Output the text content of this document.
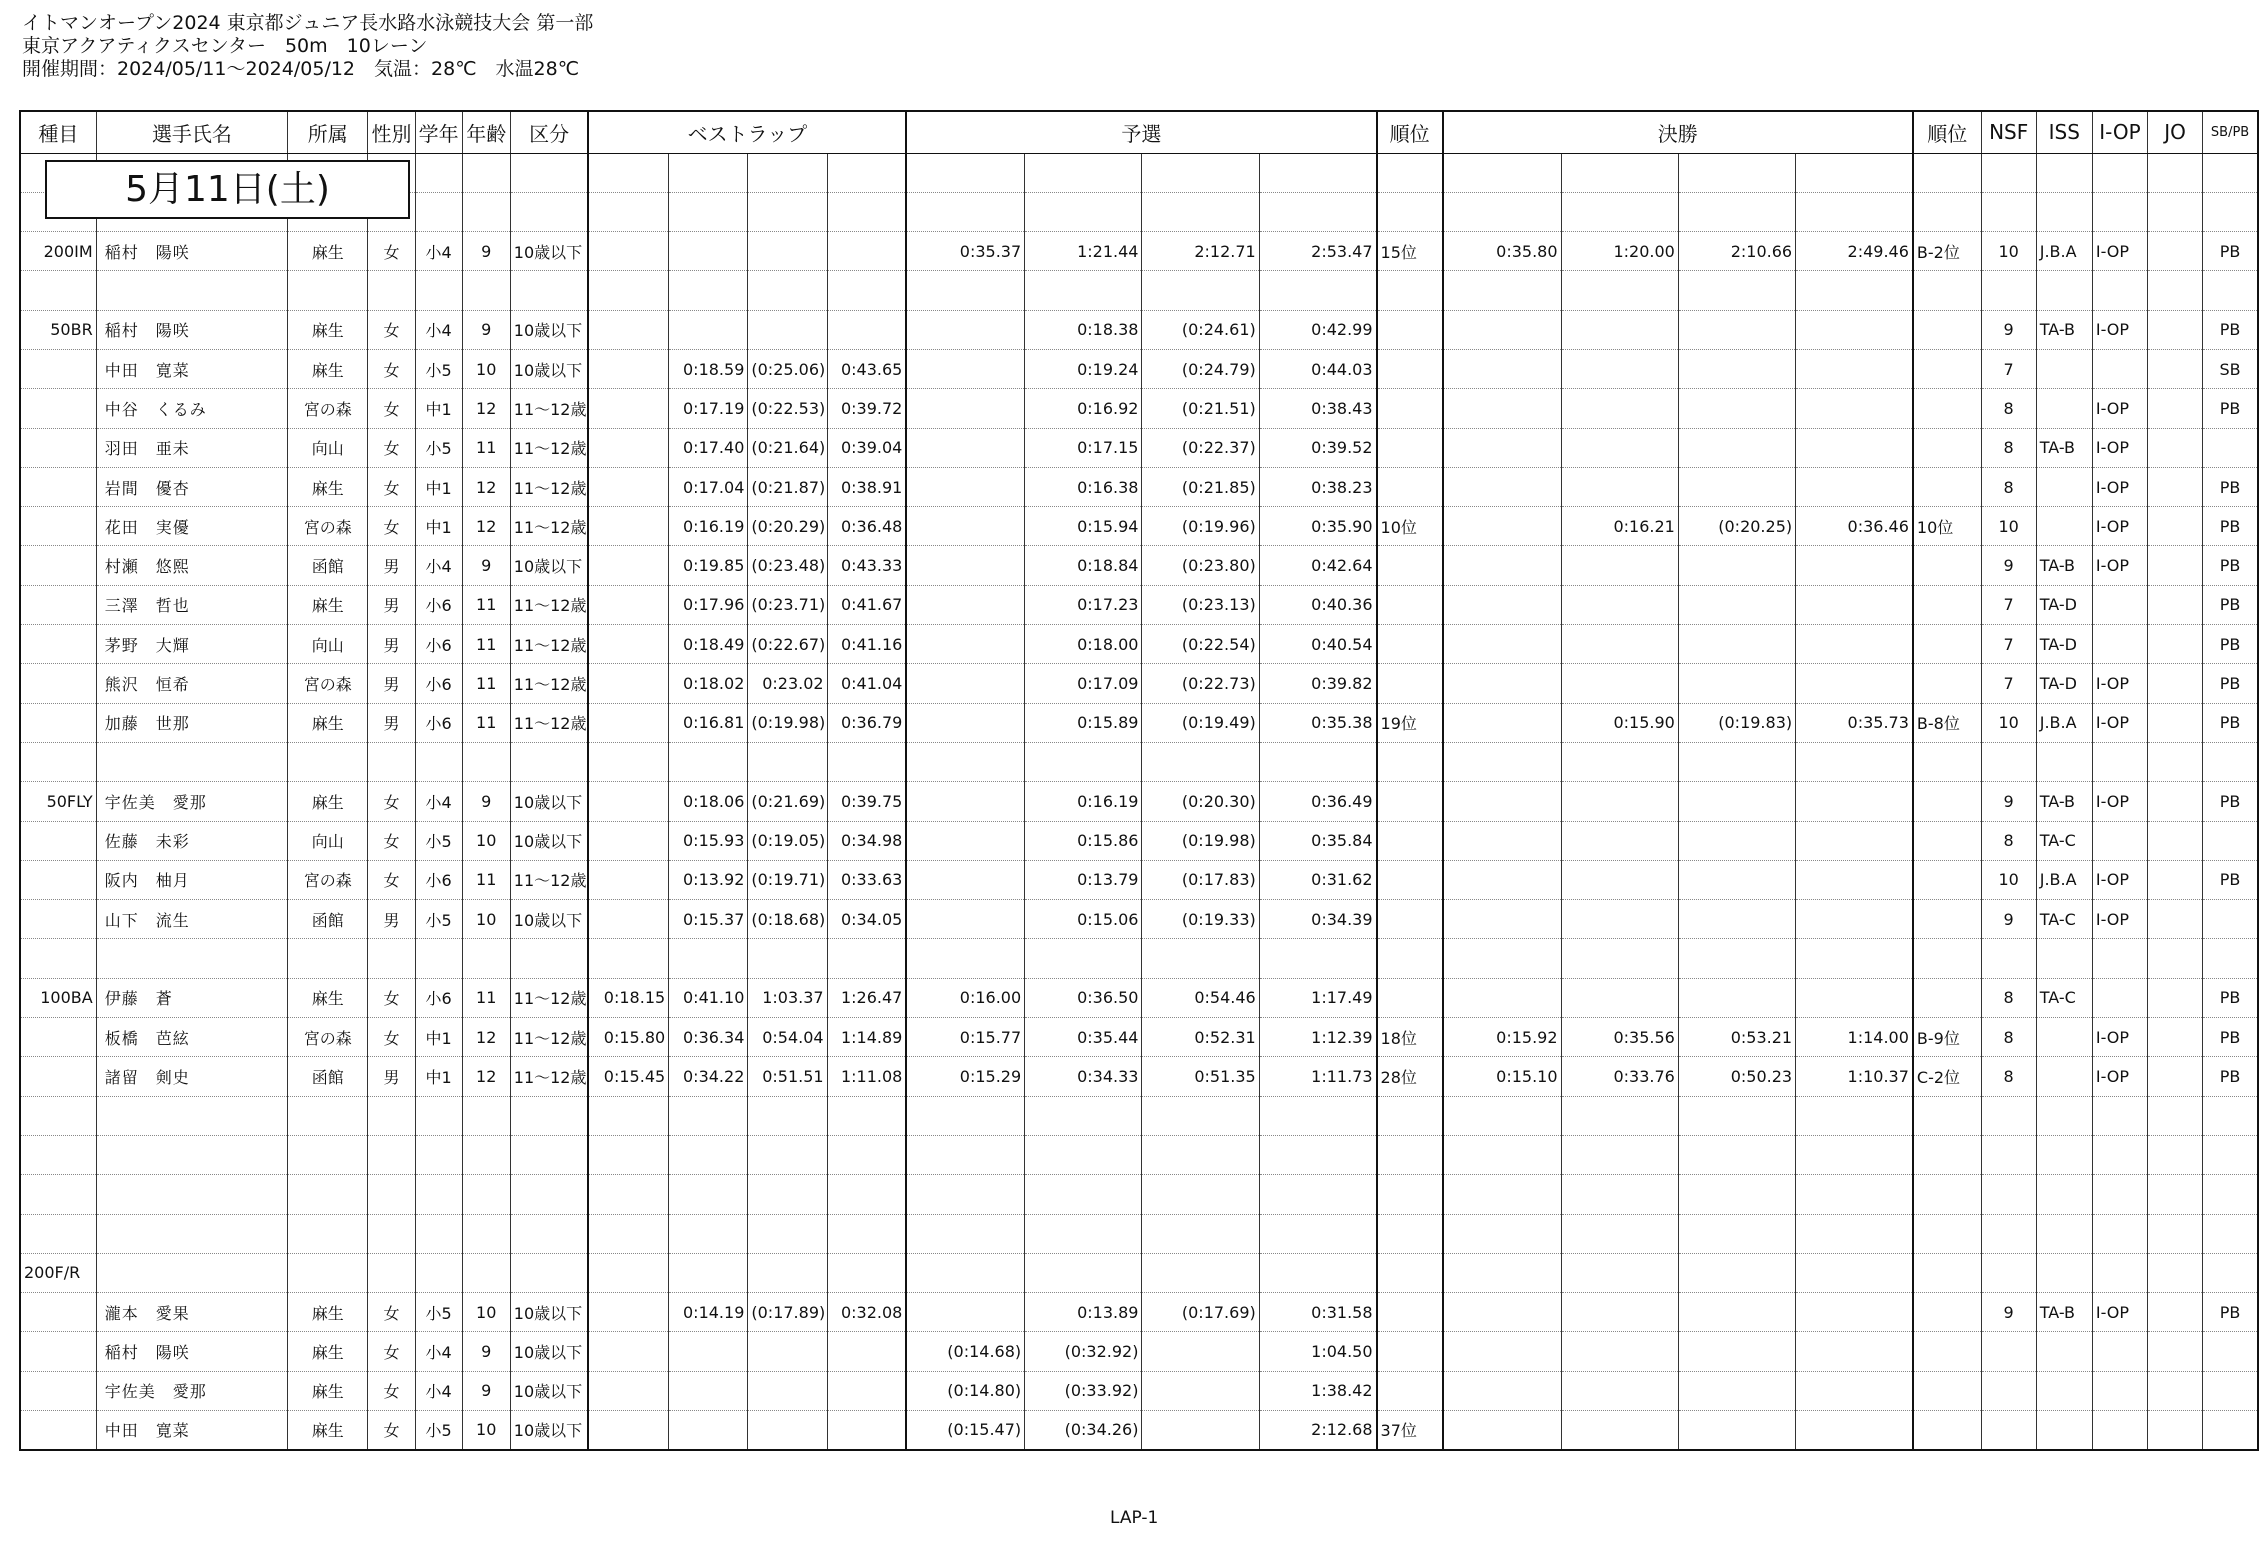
イトマンオープン2024 東京都ジュニア長水路水泳競技大会 第一部
東京アクアティクスセンター　50m　10レーン
開催期間：2024/05/11～2024/05/12　気温：28℃　水温28℃
種目	選手氏名	所属	性別	学年	年齢	区分	ベストラップ				予選				順位	決勝				順位	NSF	ISS	I-OP	JO	SB/PB

200IM	稲村　陽咲	麻生	女	小4	9	10歳以下					0:35.37	1:21.44	2:12.71	2:53.47	15位	0:35.80	1:20.00	2:10.66	2:49.46	B-2位	10	J.B.A	I-OP		PB

50BR	稲村　陽咲	麻生	女	小4	9	10歳以下						0:18.38	(0:24.61)	0:42.99							9	TA-B	I-OP		PB
	中田　寛菜	麻生	女	小5	10	10歳以下		0:18.59	(0:25.06)	0:43.65		0:19.24	(0:24.79)	0:44.03							7				SB
	中谷　くるみ	宮の森	女	中1	12	11～12歳		0:17.19	(0:22.53)	0:39.72		0:16.92	(0:21.51)	0:38.43							8		I-OP		PB
	羽田　亜未	向山	女	小5	11	11～12歳		0:17.40	(0:21.64)	0:39.04		0:17.15	(0:22.37)	0:39.52							8	TA-B	I-OP		
	岩間　優杏	麻生	女	中1	12	11～12歳		0:17.04	(0:21.87)	0:38.91		0:16.38	(0:21.85)	0:38.23							8		I-OP		PB
	花田　実優	宮の森	女	中1	12	11～12歳		0:16.19	(0:20.29)	0:36.48		0:15.94	(0:19.96)	0:35.90	10位		0:16.21	(0:20.25)	0:36.46	10位	10		I-OP		PB
	村瀬　悠熙	函館	男	小4	9	10歳以下		0:19.85	(0:23.48)	0:43.33		0:18.84	(0:23.80)	0:42.64							9	TA-B	I-OP		PB
	三澤　哲也	麻生	男	小6	11	11～12歳		0:17.96	(0:23.71)	0:41.67		0:17.23	(0:23.13)	0:40.36							7	TA-D			PB
	茅野　大輝	向山	男	小6	11	11～12歳		0:18.49	(0:22.67)	0:41.16		0:18.00	(0:22.54)	0:40.54							7	TA-D			PB
	熊沢　恒希	宮の森	男	小6	11	11～12歳		0:18.02	0:23.02	0:41.04		0:17.09	(0:22.73)	0:39.82							7	TA-D	I-OP		PB
	加藤　世那	麻生	男	小6	11	11～12歳		0:16.81	(0:19.98)	0:36.79		0:15.89	(0:19.49)	0:35.38	19位		0:15.90	(0:19.83)	0:35.73	B-8位	10	J.B.A	I-OP		PB

50FLY	宇佐美　愛那	麻生	女	小4	9	10歳以下		0:18.06	(0:21.69)	0:39.75		0:16.19	(0:20.30)	0:36.49							9	TA-B	I-OP		PB
	佐藤　未彩	向山	女	小5	10	10歳以下		0:15.93	(0:19.05)	0:34.98		0:15.86	(0:19.98)	0:35.84							8	TA-C			
	阪内　柚月	宮の森	女	小6	11	11～12歳		0:13.92	(0:19.71)	0:33.63		0:13.79	(0:17.83)	0:31.62							10	J.B.A	I-OP		PB
	山下　流生	函館	男	小5	10	10歳以下		0:15.37	(0:18.68)	0:34.05		0:15.06	(0:19.33)	0:34.39							9	TA-C	I-OP		

100BA	伊藤　蒼	麻生	女	小6	11	11～12歳	0:18.15	0:41.10	1:03.37	1:26.47	0:16.00	0:36.50	0:54.46	1:17.49							8	TA-C			PB
	板橋　芭絃	宮の森	女	中1	12	11～12歳	0:15.80	0:36.34	0:54.04	1:14.89	0:15.77	0:35.44	0:52.31	1:12.39	18位	0:15.92	0:35.56	0:53.21	1:14.00	B-9位	8		I-OP		PB
	諸留　剣史	函館	男	中1	12	11～12歳	0:15.45	0:34.22	0:51.51	1:11.08	0:15.29	0:34.33	0:51.35	1:11.73	28位	0:15.10	0:33.76	0:50.23	1:10.37	C-2位	8		I-OP		PB

200F/R																									
	瀧本　愛果	麻生	女	小5	10	10歳以下		0:14.19	(0:17.89)	0:32.08		0:13.89	(0:17.69)	0:31.58							9	TA-B	I-OP		PB
	稲村　陽咲	麻生	女	小4	9	10歳以下					(0:14.68)	(0:32.92)		1:04.50											
	宇佐美　愛那	麻生	女	小4	9	10歳以下					(0:14.80)	(0:33.92)		1:38.42											
	中田　寛菜	麻生	女	小5	10	10歳以下					(0:15.47)	(0:34.26)		2:12.68	37位										
5月11日(土)
LAP-1
